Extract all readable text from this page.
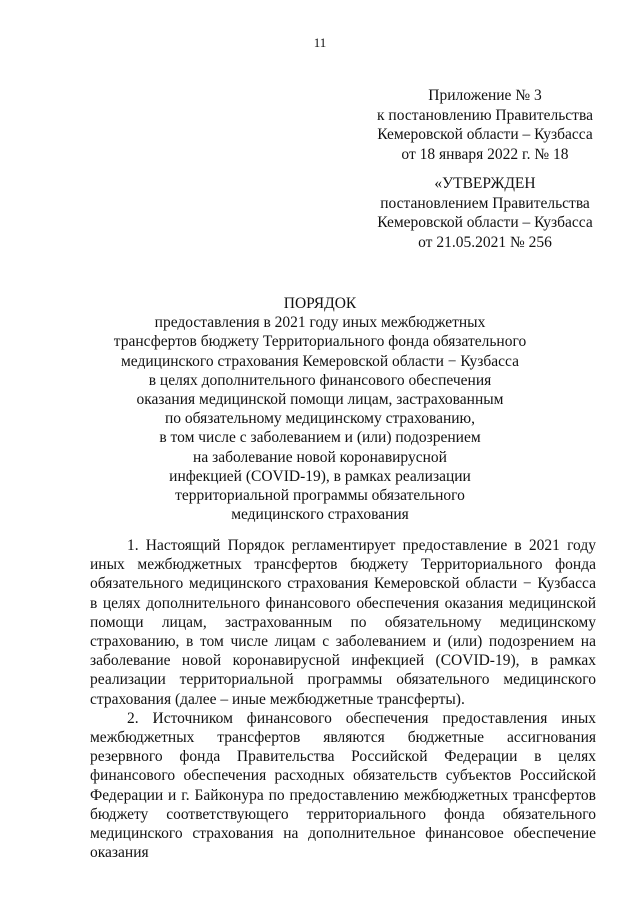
11
Приложение № 3
к постановлению Правительства
Кемеровской области – Кузбасса
от 18 января 2022 г. № 18
«УТВЕРЖДЕН
постановлением Правительства
Кемеровской области – Кузбасса
от 21.05.2021 № 256
ПОРЯДОК
предоставления в 2021 году иных межбюджетных
трансфертов бюджету Территориального фонда обязательного
медицинского страхования Кемеровской области − Кузбасса
в целях дополнительного финансового обеспечения
оказания медицинской помощи лицам, застрахованным
по обязательному медицинскому страхованию,
в том числе с заболеванием и (или) подозрением
на заболевание новой коронавирусной
инфекцией (COVID-19), в рамках реализации
территориальной программы обязательного
медицинского страхования

1. Настоящий Порядок регламентирует предоставление в 2021 году иных межбюджетных трансфертов бюджету Территориального фонда обязательного медицинского страхования Кемеровской области − Кузбасса в целях дополнительного финансового обеспечения оказания медицинской помощи лицам, застрахованным по обязательному медицинскому страхованию, в том числе лицам с заболеванием и (или) подозрением на заболевание новой коронавирусной инфекцией (COVID-19), в рамках реализации территориальной программы обязательного медицинского страхования (далее – иные межбюджетные трансферты).

2. Источником финансового обеспечения предоставления иных межбюджетных трансфертов являются бюджетные ассигнования резервного фонда Правительства Российской Федерации в целях финансового обеспечения расходных обязательств субъектов Российской Федерации и г. Байконура по предоставлению межбюджетных трансфертов бюджету соответствующего территориального фонда обязательного медицинского страхования на дополнительное финансовое обеспечение оказания
